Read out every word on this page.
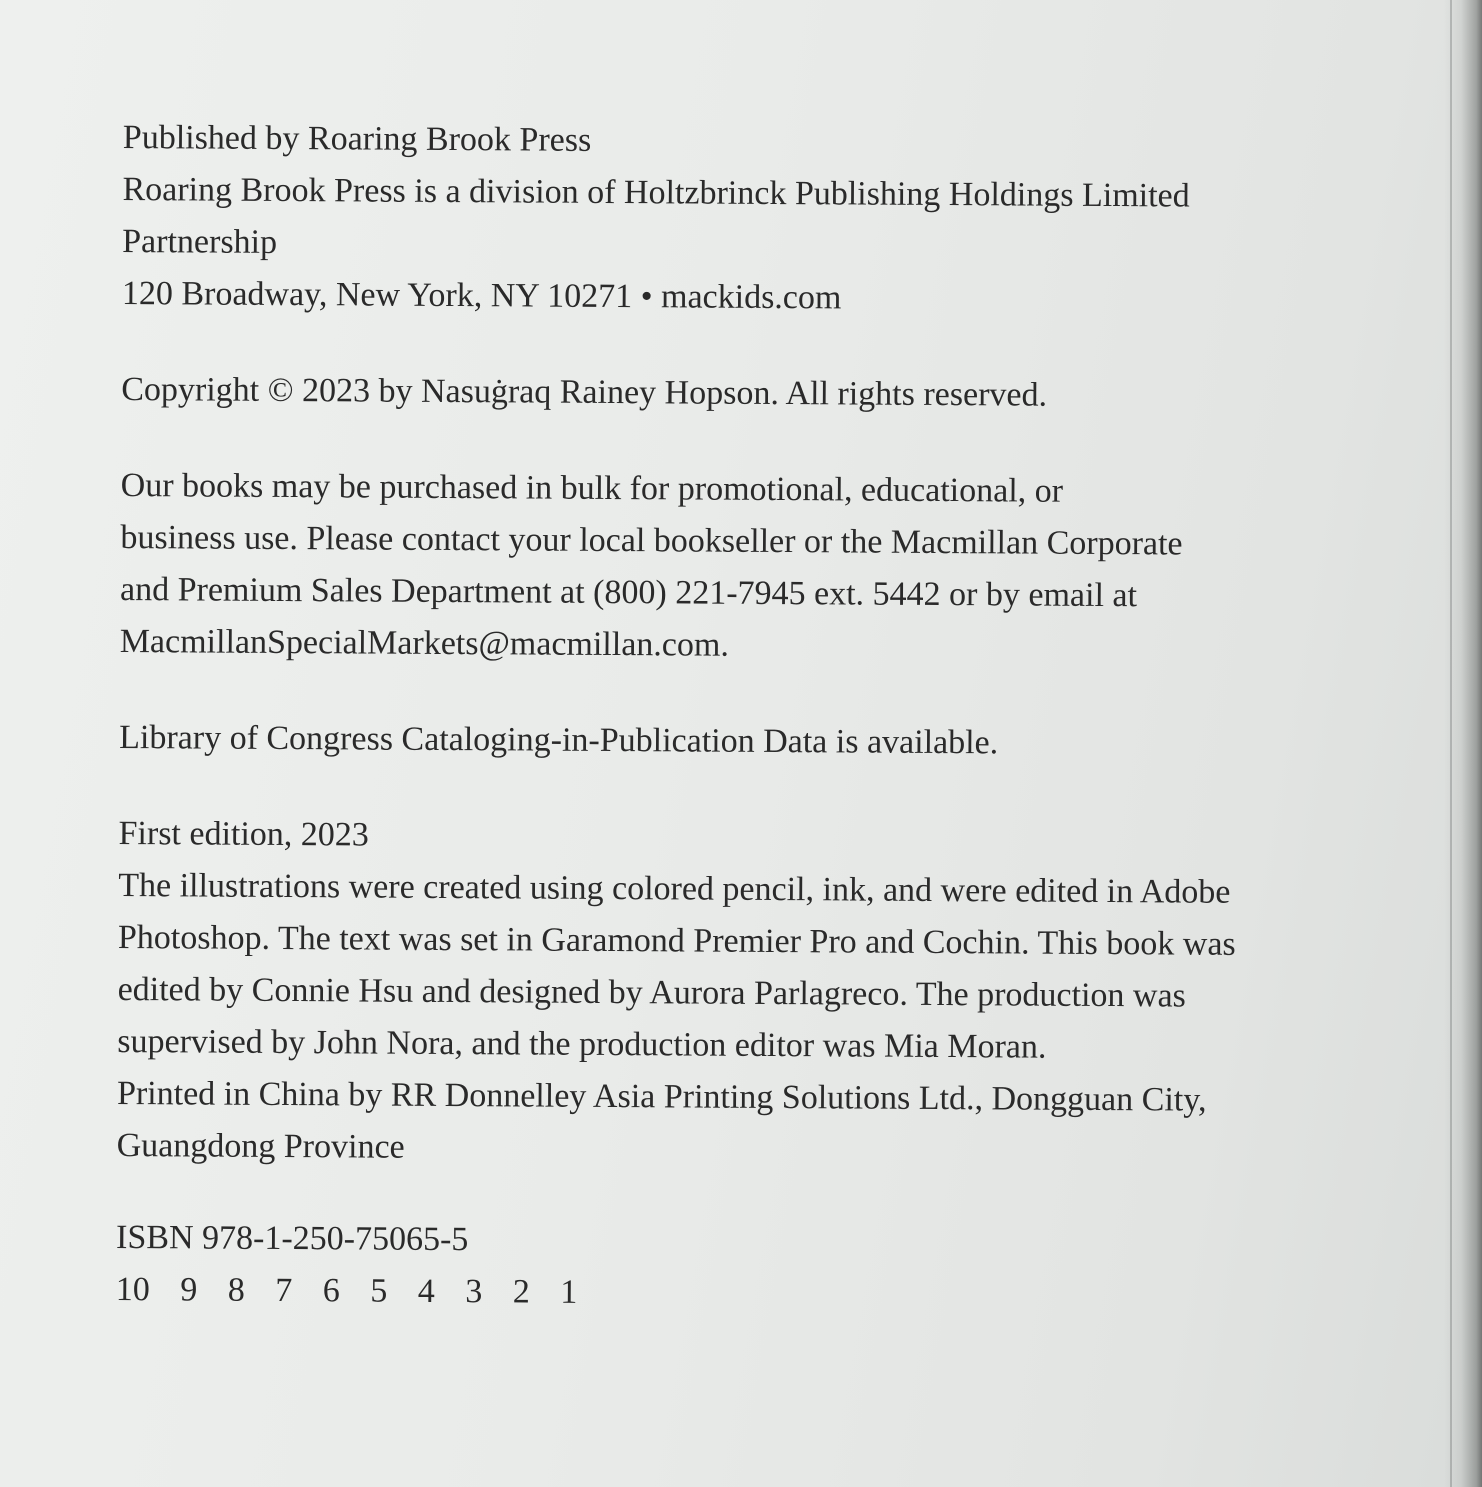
Published by Roaring Brook Press
Roaring Brook Press is a division of Holtzbrinck Publishing Holdings Limited
Partnership
120 Broadway, New York, NY 10271 • mackids.com
Copyright © 2023 by Nasuġraq Rainey Hopson. All rights reserved.
Our books may be purchased in bulk for promotional, educational, or
business use. Please contact your local bookseller or the Macmillan Corporate
and Premium Sales Department at (800) 221-7945 ext. 5442 or by email at
MacmillanSpecialMarkets@macmillan.com.
Library of Congress Cataloging-in-Publication Data is available.
First edition, 2023
The illustrations were created using colored pencil, ink, and were edited in Adobe
Photoshop. The text was set in Garamond Premier Pro and Cochin. This book was
edited by Connie Hsu and designed by Aurora Parlagreco. The production was
supervised by John Nora, and the production editor was Mia Moran.
Printed in China by RR Donnelley Asia Printing Solutions Ltd., Dongguan City,
Guangdong Province
ISBN 978-1-250-75065-5
10 9 8 7 6 5 4 3 2 1
